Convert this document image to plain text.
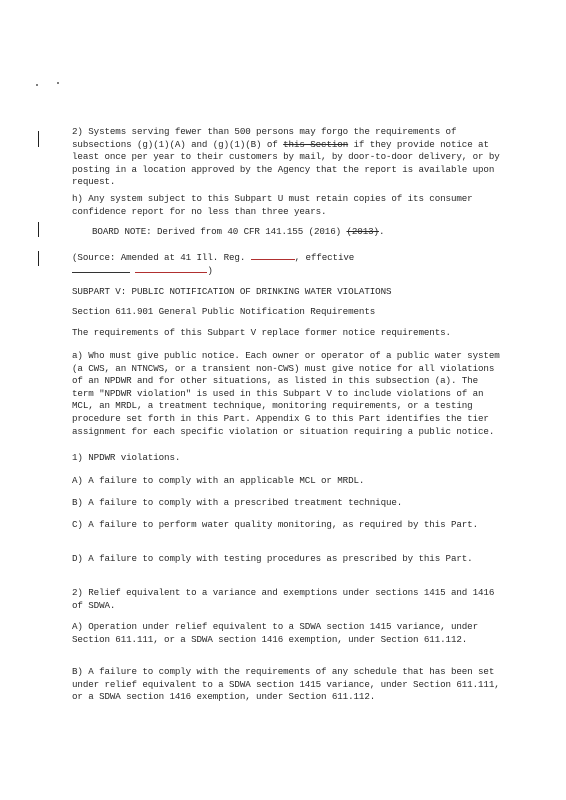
2) Systems serving fewer than 500 persons may forgo the requirements of subsections (g)(1)(A) and (g)(1)(B) of this Section if they provide notice at least once per year to their customers by mail, by door-to-door delivery, or by posting in a location approved by the Agency that the report is available upon request.

h) Any system subject to this Subpart U must retain copies of its consumer confidence report for no less than three years.

BOARD NOTE: Derived from 40 CFR 141.155 (2016) (2013).

(Source: Amended at 41 Ill. Reg.	, effective
)

SUBPART V: PUBLIC NOTIFICATION OF DRINKING WATER VIOLATIONS

Section 611.901 General Public Notification Requirements

The requirements of this Subpart V replace former notice requirements.

a) Who must give public notice. Each owner or operator of a public water system (a CWS, an NTNCWS, or a transient non-CWS) must give notice for all violations of an NPDWR and for other situations, as listed in this subsection (a). The term "NPDWR violation" is used in this Subpart V to include violations of an MCL, an MRDL, a treatment technique, monitoring requirements, or a testing procedure set forth in this Part. Appendix G to this Part identifies the tier assignment for each specific violation or situation requiring a public notice.

1) NPDWR violations.

A) A failure to comply with an applicable MCL or MRDL.

B) A failure to comply with a prescribed treatment technique.

C) A failure to perform water quality monitoring, as required by this Part.

D) A failure to comply with testing procedures as prescribed by this Part.

2) Relief equivalent to a variance and exemptions under sections 1415 and 1416 of SDWA.

A) Operation under relief equivalent to a SDWA section 1415 variance, under Section 611.111, or a SDWA section 1416 exemption, under Section 611.112.

B) A failure to comply with the requirements of any schedule that has been set under relief equivalent to a SDWA section 1415 variance, under Section 611.111, or a SDWA section 1416 exemption, under Section 611.112.
